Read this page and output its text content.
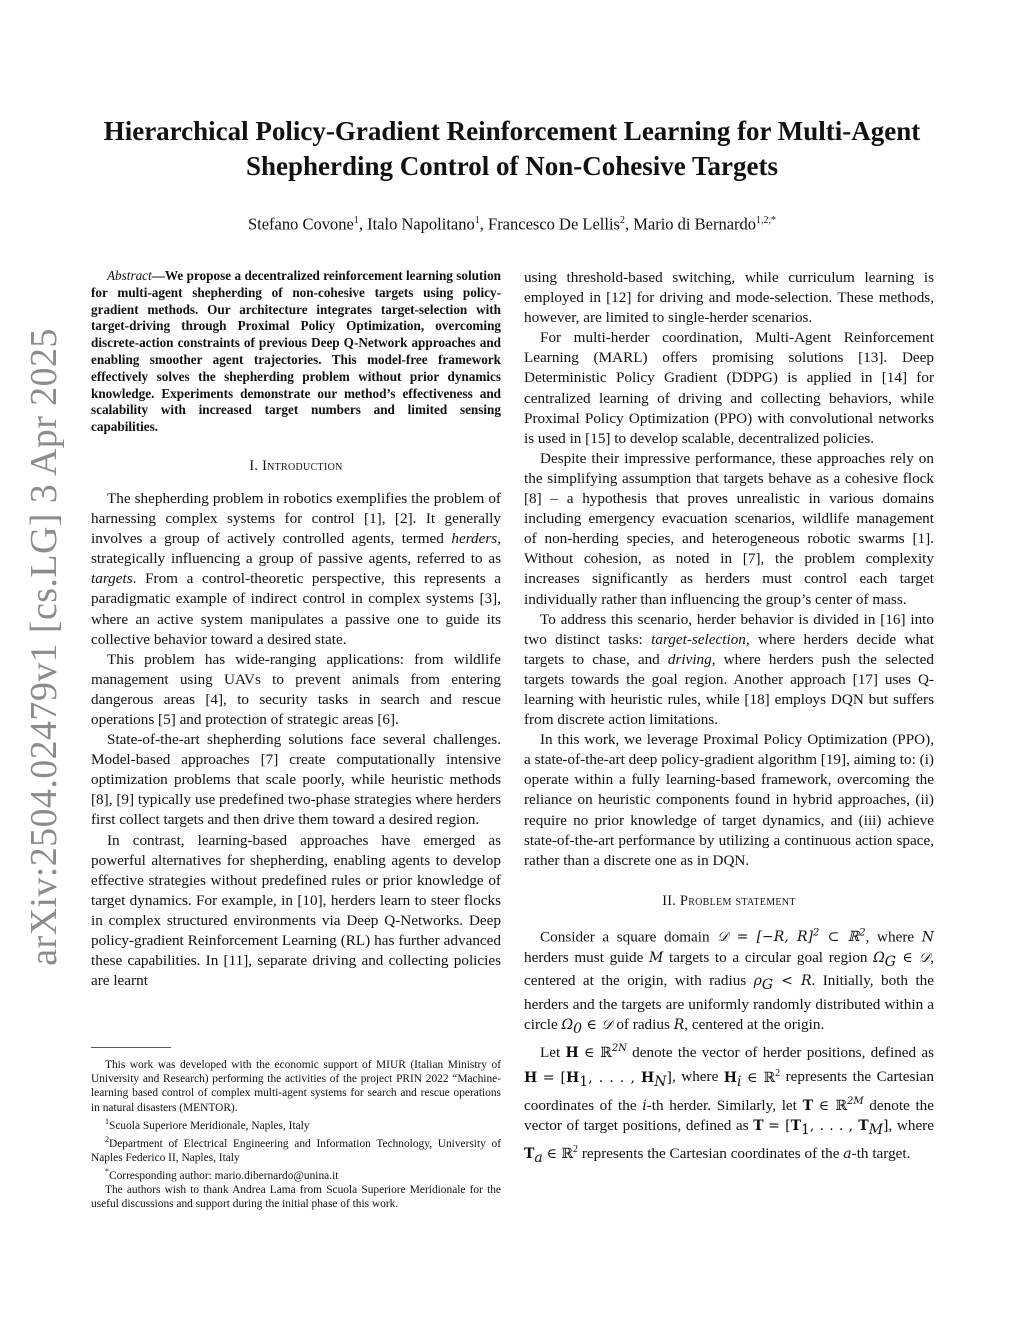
arXiv:2504.02479v1 [cs.LG] 3 Apr 2025
Hierarchical Policy-Gradient Reinforcement Learning for Multi-Agent Shepherding Control of Non-Cohesive Targets

Stefano Covone$^1$, Italo Napolitano$^1$, Francesco De Lellis$^2$, Mario di Bernardo$^{1,2,*}$

Abstract—We propose a decentralized reinforcement learning solution for multi-agent shepherding of non-cohesive targets using policy-gradient methods. Our architecture integrates target-selection with target-driving through Proximal Policy Optimization, overcoming discrete-action constraints of previous Deep Q-Network approaches and enabling smoother agent trajectories. This model-free framework effectively solves the shepherding problem without prior dynamics knowledge. Experiments demonstrate our method’s effectiveness and scalability with increased target numbers and limited sensing capabilities.

I. Introduction

The shepherding problem in robotics exemplifies the problem of harnessing complex systems for control [1], [2]. It generally involves a group of actively controlled agents, termed herders, strategically influencing a group of passive agents, referred to as targets. From a control-theoretic perspective, this represents a paradigmatic example of indirect control in complex systems [3], where an active system manipulates a passive one to guide its collective behavior toward a desired state.

This problem has wide-ranging applications: from wildlife management using UAVs to prevent animals from entering dangerous areas [4], to security tasks in search and rescue operations [5] and protection of strategic areas [6].

State-of-the-art shepherding solutions face several challenges. Model-based approaches [7] create computationally intensive optimization problems that scale poorly, while heuristic methods [8], [9] typically use predefined two-phase strategies where herders first collect targets and then drive them toward a desired region.

In contrast, learning-based approaches have emerged as powerful alternatives for shepherding, enabling agents to develop effective strategies without predefined rules or prior knowledge of target dynamics. For example, in [10], herders learn to steer flocks in complex structured environments via Deep Q-Networks. Deep policy-gradient Reinforcement Learning (RL) has further advanced these capabilities. In [11], separate driving and collecting policies are learnt

This work was developed with the economic support of MIUR (Italian Ministry of University and Research) performing the activities of the project PRIN 2022 “Machine-learning based control of complex multi-agent systems for search and rescue operations in natural disasters (MENTOR).

$^1$Scuola Superiore Meridionale, Naples, Italy

$^2$Department of Electrical Engineering and Information Technology, University of Naples Federico II, Naples, Italy

*Corresponding author: mario.dibernardo@unina.it

The authors wish to thank Andrea Lama from Scuola Superiore Meridionale for the useful discussions and support during the initial phase of this work.

using threshold-based switching, while curriculum learning is employed in [12] for driving and mode-selection. These methods, however, are limited to single-herder scenarios.

For multi-herder coordination, Multi-Agent Reinforcement Learning (MARL) offers promising solutions [13]. Deep Deterministic Policy Gradient (DDPG) is applied in [14] for centralized learning of driving and collecting behaviors, while Proximal Policy Optimization (PPO) with convolutional networks is used in [15] to develop scalable, decentralized policies.

Despite their impressive performance, these approaches rely on the simplifying assumption that targets behave as a cohesive flock [8] – a hypothesis that proves unrealistic in various domains including emergency evacuation scenarios, wildlife management of non-herding species, and heterogeneous robotic swarms [1]. Without cohesion, as noted in [7], the problem complexity increases significantly as herders must control each target individually rather than influencing the group’s center of mass.

To address this scenario, herder behavior is divided in [16] into two distinct tasks: target-selection, where herders decide what targets to chase, and driving, where herders push the selected targets towards the goal region. Another approach [17] uses Q-learning with heuristic rules, while [18] employs DQN but suffers from discrete action limitations.

In this work, we leverage Proximal Policy Optimization (PPO), a state-of-the-art deep policy-gradient algorithm [19], aiming to: (i) operate within a fully learning-based framework, overcoming the reliance on heuristic components found in hybrid approaches, (ii) require no prior knowledge of target dynamics, and (iii) achieve state-of-the-art performance by utilizing a continuous action space, rather than a discrete one as in DQN.

II. Problem statement

Consider a square domain 𝒟 = [−R, R]$^2$ ⊂ ℝ$^2$, where N herders must guide M targets to a circular goal region $\Omega_G$ ∈ 𝒟, centered at the origin, with radius $\rho_G < R$. Initially, both the herders and the targets are uniformly randomly distributed within a circle $\Omega_0$ ∈ 𝒟 of radius R, centered at the origin.

Let H ∈ ℝ$^{2N}$ denote the vector of herder positions, defined as $H = [H_1$, . . . , $H_N$], where $H_i$ ∈ ℝ$^2$ represents the Cartesian coordinates of the i-th herder. Similarly, let T ∈ ℝ$^{2M}$ denote the vector of target positions, defined as $T = [T_1$, . . . , $T_M$], where $T_a$ ∈ ℝ$^2$ represents the Cartesian coordinates of the a-th target.
